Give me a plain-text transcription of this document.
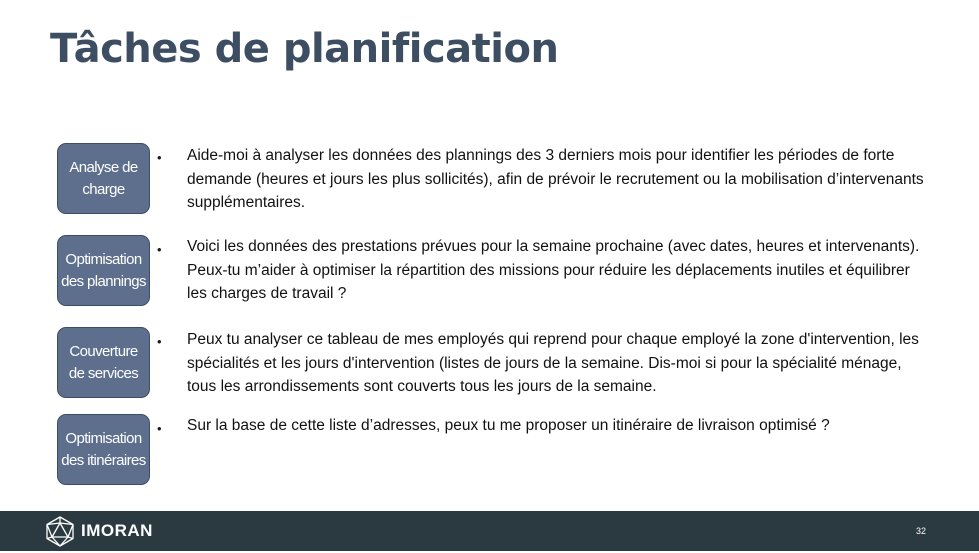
Tâches de planification
Analyse de charge
• Aide-moi à analyser les données des plannings des 3 derniers mois pour identifier les périodes de forte demande (heures et jours les plus sollicités), afin de prévoir le recrutement ou la mobilisation d’intervenants supplémentaires.
Optimisation des plannings
• Voici les données des prestations prévues pour la semaine prochaine (avec dates, heures et intervenants). Peux-tu m’aider à optimiser la répartition des missions pour réduire les déplacements inutiles et équilibrer les charges de travail ?
Couverture de services
• Peux tu analyser ce tableau de mes employés qui reprend pour chaque employé la zone d'intervention, les spécialités et les jours d'intervention (listes de jours de la semaine. Dis-moi si pour la spécialité ménage, tous les arrondissements sont couverts tous les jours de la semaine.
Optimisation des itinéraires
• Sur la base de cette liste d’adresses, peux tu me proposer un itinéraire de livraison optimisé ?
IMORAN	32
